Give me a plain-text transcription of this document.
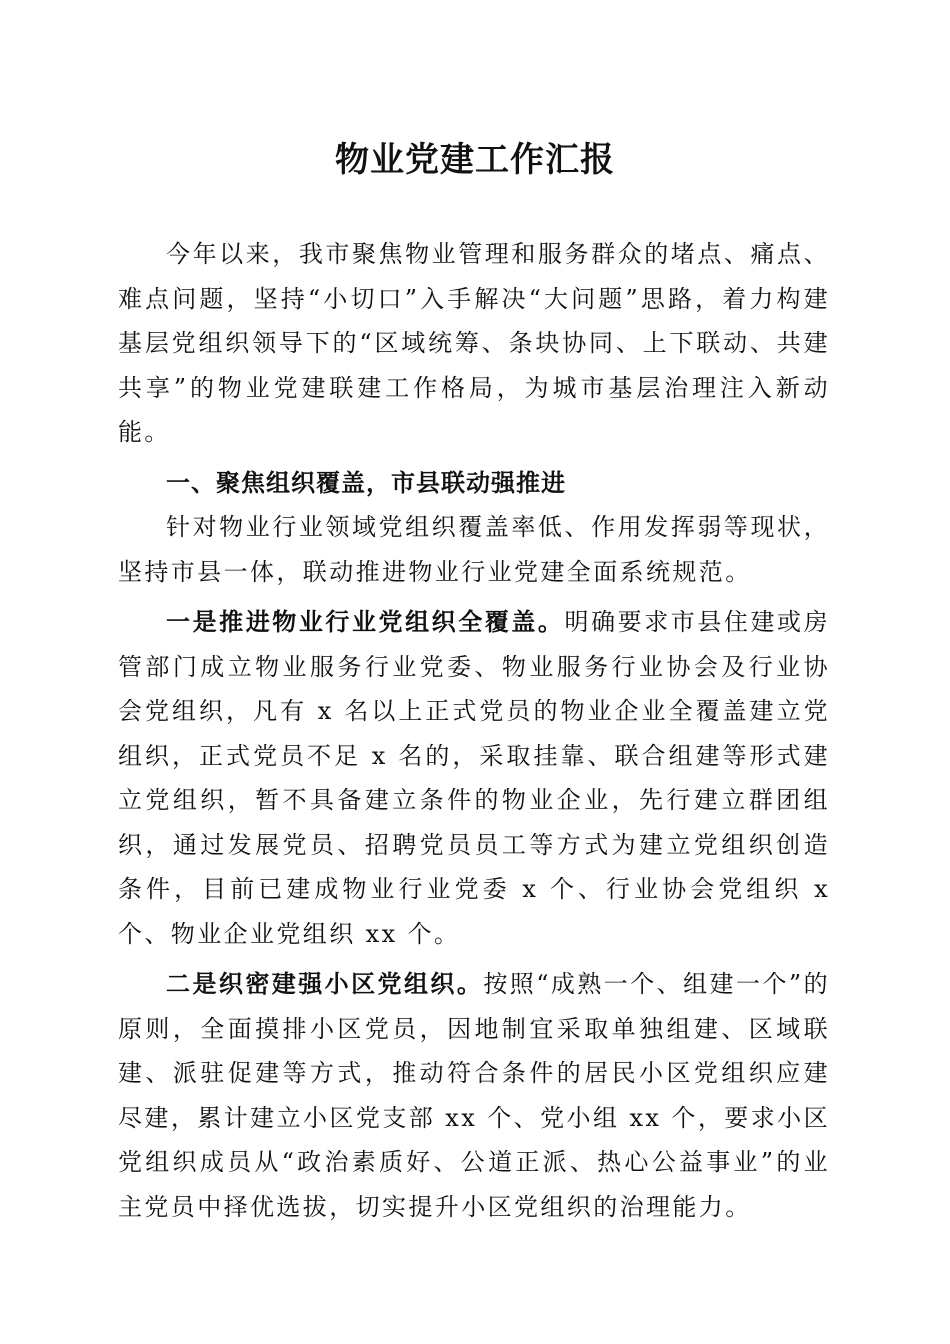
物业党建工作汇报

今年以来，我市聚焦物业管理和服务群众的堵点、痛点、难点问题，坚持“小切口”入手解决“大问题”思路，着力构建基层党组织领导下的“区域统筹、条块协同、上下联动、共建共享”的物业党建联建工作格局，为城市基层治理注入新动能。

一、聚焦组织覆盖，市县联动强推进

针对物业行业领域党组织覆盖率低、作用发挥弱等现状，坚持市县一体，联动推进物业行业党建全面系统规范。

一是推进物业行业党组织全覆盖。明确要求市县住建或房管部门成立物业服务行业党委、物业服务行业协会及行业协会党组织，凡有 x 名以上正式党员的物业企业全覆盖建立党组织，正式党员不足 x 名的，采取挂靠、联合组建等形式建立党组织，暂不具备建立条件的物业企业，先行建立群团组织，通过发展党员、招聘党员员工等方式为建立党组织创造条件，目前已建成物业行业党委 x 个、行业协会党组织 x 个、物业企业党组织 xx 个。

二是织密建强小区党组织。按照“成熟一个、组建一个”的原则，全面摸排小区党员，因地制宜采取单独组建、区域联建、派驻促建等方式，推动符合条件的居民小区党组织应建尽建，累计建立小区党支部 xx 个、党小组 xx 个，要求小区党组织成员从“政治素质好、公道正派、热心公益事业”的业主党员中择优选拔，切实提升小区党组织的治理能力。
